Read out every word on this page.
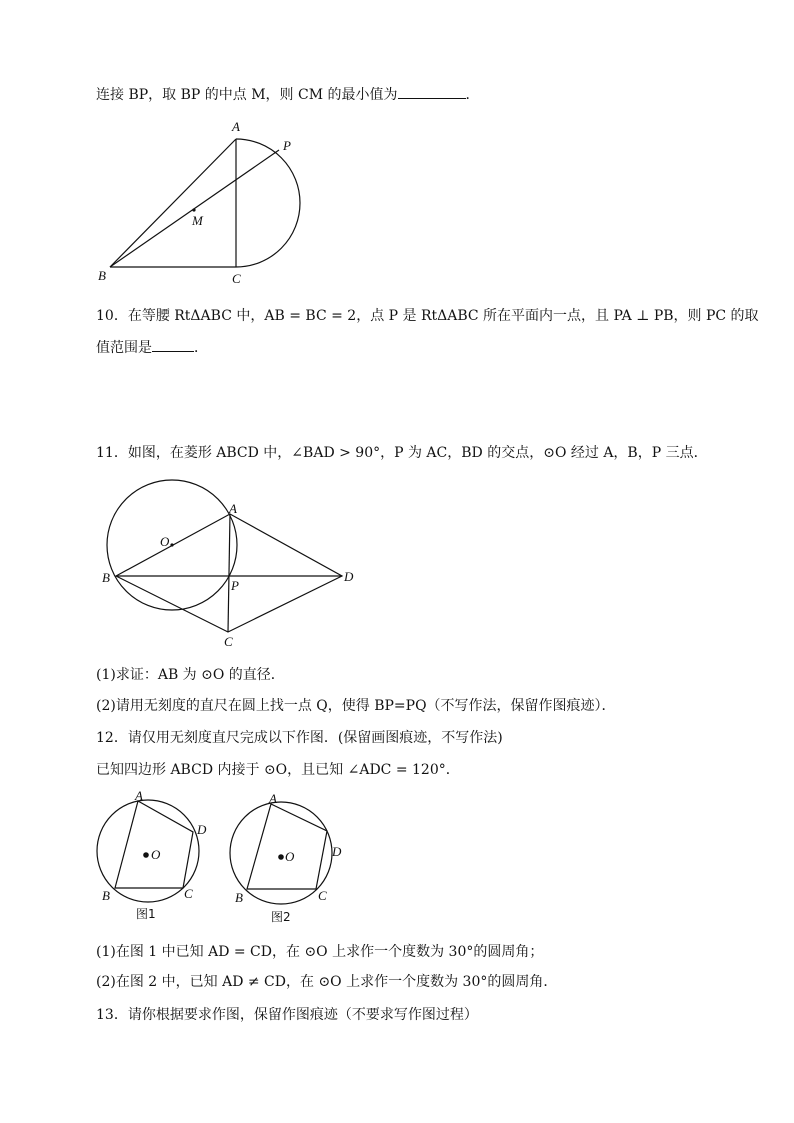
连接 BP，取 BP 的中点 M，则 CM 的最小值为	．
A
P
M
B	C
10．在等腰 RtΔABC 中，AB = BC = 2，点 P 是 RtΔABC 所在平面内一点，且 PA ⊥ PB，则 PC 的取
值范围是	．
11．如图，在菱形 ABCD 中，∠BAD > 90°，P 为 AC，BD 的交点，⊙O 经过 A，B，P 三点．
A
O
B
P
D
C
(1)求证：AB 为 ⊙O 的直径．
(2)请用无刻度的直尺在圆上找一点 Q，使得 BP=PQ（不写作法，保留作图痕迹）．
12．请仅用无刻度直尺完成以下作图．(保留画图痕迹，不写作法)
已知四边形 ABCD 内接于 ⊙O，且已知 ∠ADC = 120°．
A
D
O
B	C
图1
A
D
O
B	C
图2
(1)在图 1 中已知 AD = CD，在 ⊙O 上求作一个度数为 30°的圆周角；
(2)在图 2 中，已知 AD ≠ CD，在 ⊙O 上求作一个度数为 30°的圆周角．
13．请你根据要求作图，保留作图痕迹（不要求写作图过程）
